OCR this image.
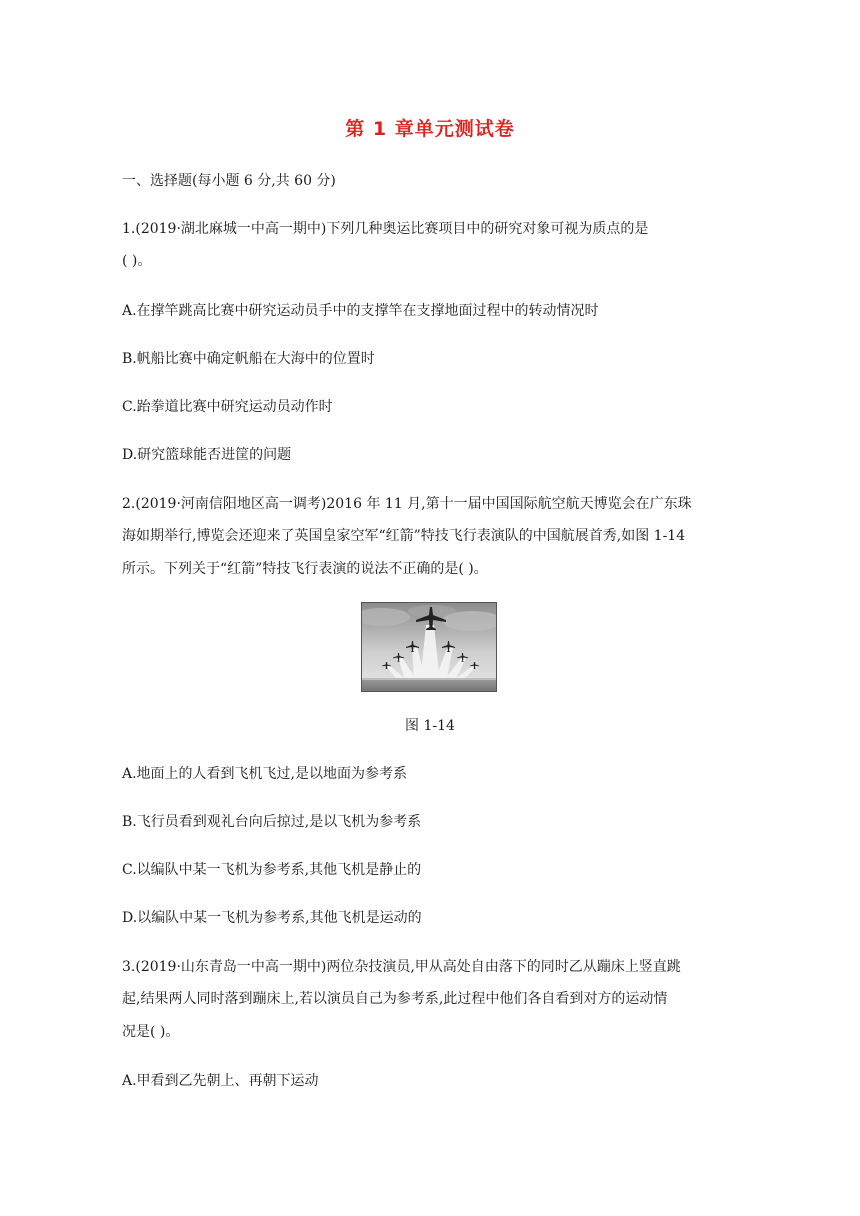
第 1 章单元测试卷
一、选择题(每小题 6 分,共 60 分)
1.(2019·湖北麻城一中高一期中)下列几种奥运比赛项目中的研究对象可视为质点的是
( )。
A.在撑竿跳高比赛中研究运动员手中的支撑竿在支撑地面过程中的转动情况时
B.帆船比赛中确定帆船在大海中的位置时
C.跆拳道比赛中研究运动员动作时
D.研究篮球能否进筐的问题
2.(2019·河南信阳地区高一调考)2016 年 11 月,第十一届中国国际航空航天博览会在广东珠
海如期举行,博览会还迎来了英国皇家空军“红箭”特技飞行表演队的中国航展首秀,如图 1-14
所示。下列关于“红箭”特技飞行表演的说法不正确的是( )。
图 1-14
A.地面上的人看到飞机飞过,是以地面为参考系
B.飞行员看到观礼台向后掠过,是以飞机为参考系
C.以编队中某一飞机为参考系,其他飞机是静止的
D.以编队中某一飞机为参考系,其他飞机是运动的
3.(2019·山东青岛一中高一期中)两位杂技演员,甲从高处自由落下的同时乙从蹦床上竖直跳
起,结果两人同时落到蹦床上,若以演员自己为参考系,此过程中他们各自看到对方的运动情
况是( )。
A.甲看到乙先朝上、再朝下运动
